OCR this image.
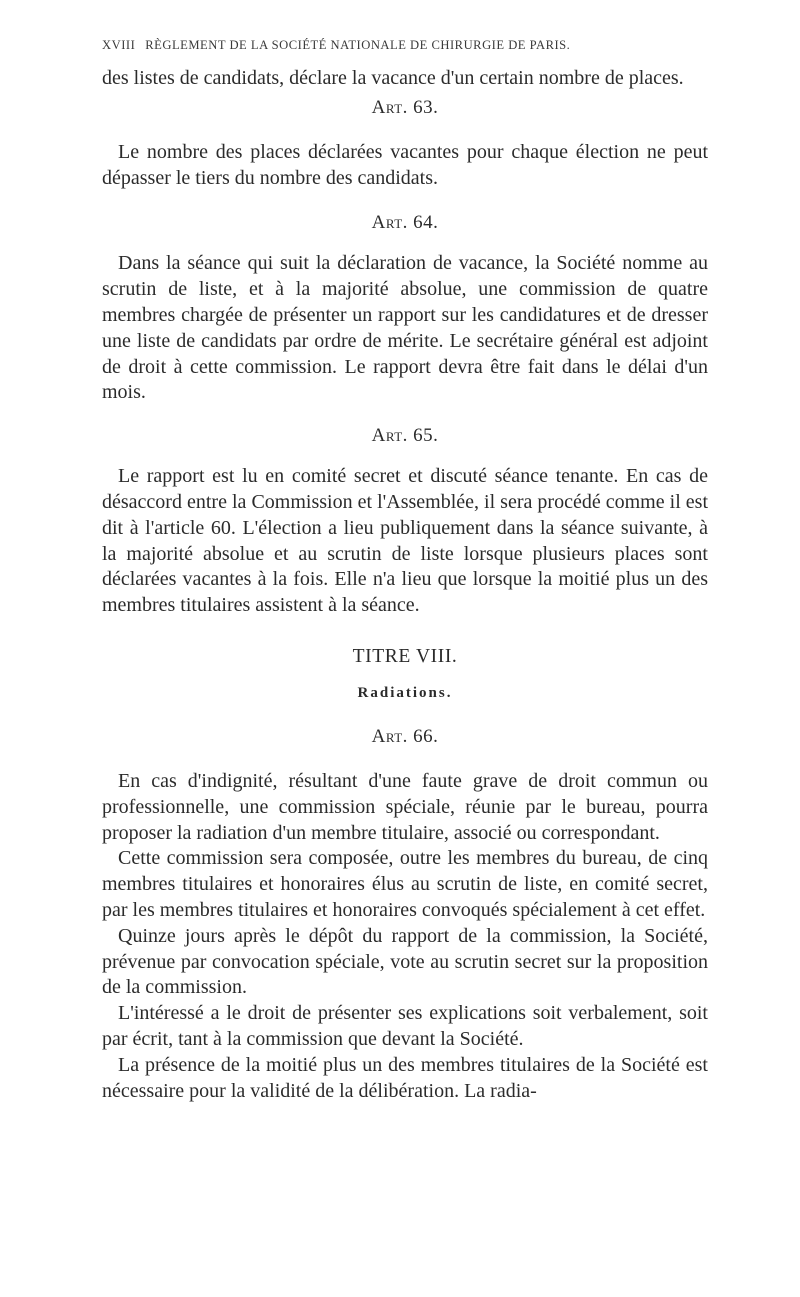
XVIII RÈGLEMENT DE LA SOCIÉTÉ NATIONALE DE CHIRURGIE DE PARIS.

des listes de candidats, déclare la vacance d'un certain nombre de places.

Art. 63.

Le nombre des places déclarées vacantes pour chaque élection ne peut dépasser le tiers du nombre des candidats.

Art. 64.

Dans la séance qui suit la déclaration de vacance, la Société nomme au scrutin de liste, et à la majorité absolue, une commission de quatre membres chargée de présenter un rapport sur les candidatures et de dresser une liste de candidats par ordre de mérite. Le secrétaire général est adjoint de droit à cette commission. Le rapport devra être fait dans le délai d'un mois.

Art. 65.

Le rapport est lu en comité secret et discuté séance tenante. En cas de désaccord entre la Commission et l'Assemblée, il sera procédé comme il est dit à l'article 60. L'élection a lieu publiquement dans la séance suivante, à la majorité absolue et au scrutin de liste lorsque plusieurs places sont déclarées vacantes à la fois. Elle n'a lieu que lorsque la moitié plus un des membres titulaires assistent à la séance.

TITRE VIII.
Radiations.
Art. 66.

En cas d'indignité, résultant d'une faute grave de droit commun ou professionnelle, une commission spéciale, réunie par le bureau, pourra proposer la radiation d'un membre titulaire, associé ou correspondant.

Cette commission sera composée, outre les membres du bureau, de cinq membres titulaires et honoraires élus au scrutin de liste, en comité secret, par les membres titulaires et honoraires convoqués spécialement à cet effet.

Quinze jours après le dépôt du rapport de la commission, la Société, prévenue par convocation spéciale, vote au scrutin secret sur la proposition de la commission.

L'intéressé a le droit de présenter ses explications soit verbalement, soit par écrit, tant à la commission que devant la Société.

La présence de la moitié plus un des membres titulaires de la Société est nécessaire pour la validité de la délibération. La radia-
